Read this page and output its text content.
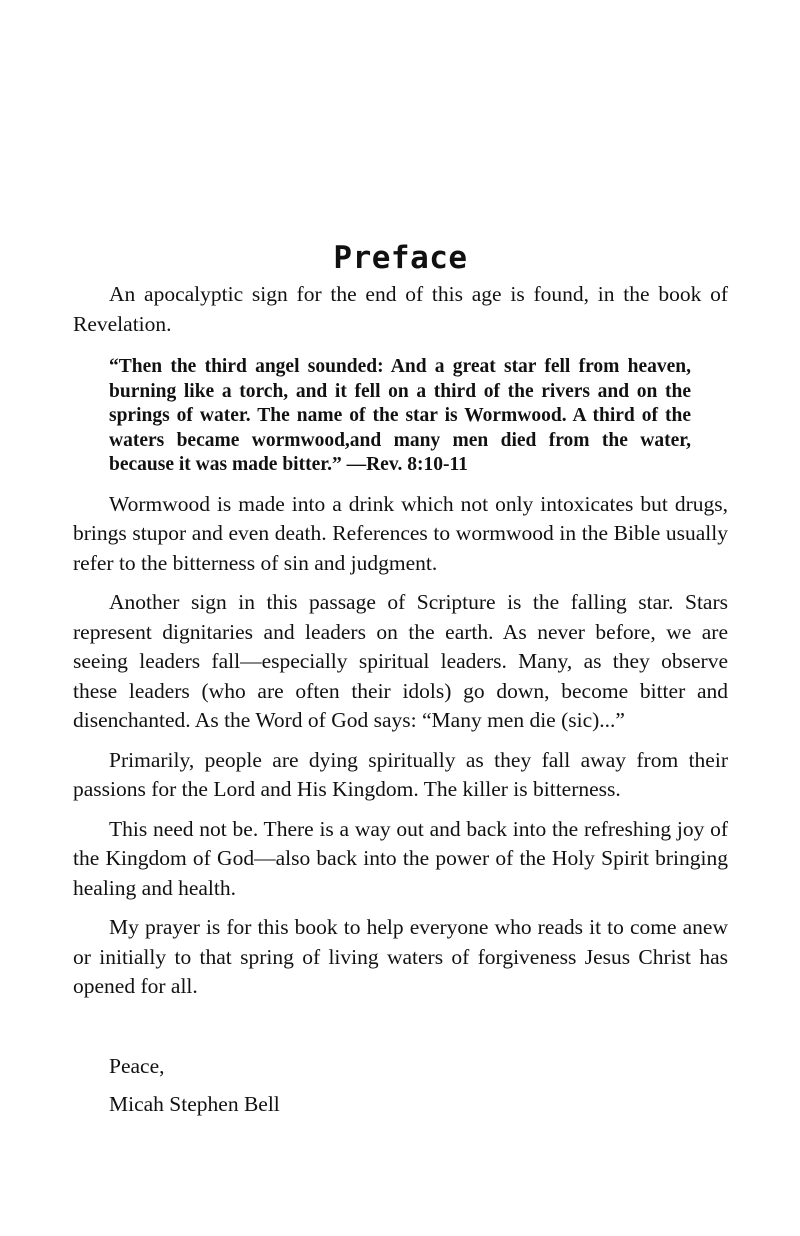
Preface

An apocalyptic sign for the end of this age is found, in the book of Revelation.

“Then the third angel sounded: And a great star fell from heaven, burning like a torch, and it fell on a third of the rivers and on the springs of water. The name of the star is Wormwood. A third of the waters became wormwood,and many men died from the water, because it was made bitter.” —Rev. 8:10-11

Wormwood is made into a drink which not only intoxicates but drugs, brings stupor and even death. References to wormwood in the Bible usually refer to the bitterness of sin and judgment.

Another sign in this passage of Scripture is the falling star. Stars represent dignitaries and leaders on the earth. As never before, we are seeing leaders fall—especially spiritual leaders. Many, as they observe these leaders (who are often their idols) go down, become bitter and disenchanted. As the Word of God says: “Many men die (sic)...”

Primarily, people are dying spiritually as they fall away from their passions for the Lord and His Kingdom. The killer is bitterness.

This need not be. There is a way out and back into the refreshing joy of the Kingdom of God—also back into the power of the Holy Spirit bringing healing and health.

My prayer is for this book to help everyone who reads it to come anew or initially to that spring of living waters of forgiveness Jesus Christ has opened for all.

Peace,

Micah Stephen Bell
